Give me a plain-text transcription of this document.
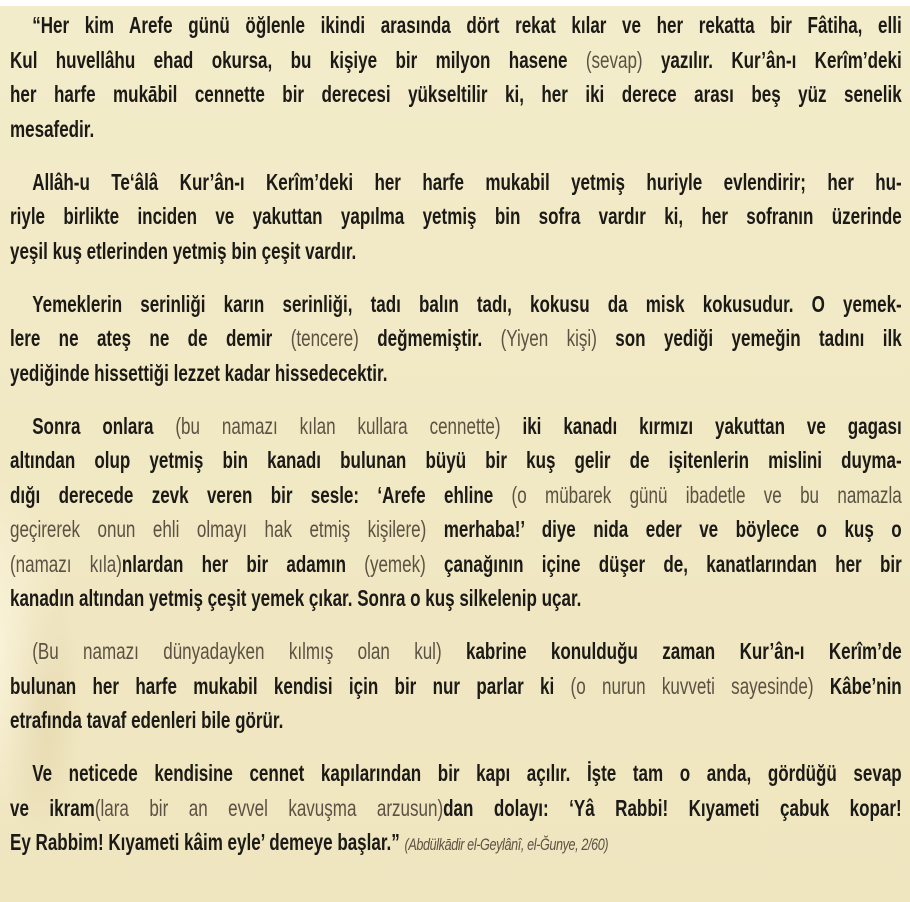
“Her kim Arefe günü öğlenle ikindi arasında dört rekat kılar ve her rekatta bir Fâtiha, elli
Kul huvellâhu ehad okursa, bu kişiye bir milyon hasene (sevap) yazılır. Kur’ân-ı Kerîm’deki
her harfe mukābil cennette bir derecesi yükseltilir ki, her iki derece arası beş yüz senelik
mesafedir.
Allâh-u Te‘âlâ Kur’ân-ı Kerîm’deki her harfe mukabil yetmiş huriyle evlendirir; her hu-
riyle birlikte inciden ve yakuttan yapılma yetmiş bin sofra vardır ki, her sofranın üzerinde
yeşil kuş etlerinden yetmiş bin çeşit vardır.
Yemeklerin serinliği karın serinliği, tadı balın tadı, kokusu da misk kokusudur. O yemek-
lere ne ateş ne de demir (tencere) değmemiştir. (Yiyen kişi) son yediği yemeğin tadını ilk
yediğinde hissettiği lezzet kadar hissedecektir.
Sonra onlara (bu namazı kılan kullara cennette) iki kanadı kırmızı yakuttan ve gagası
altından olup yetmiş bin kanadı bulunan büyü bir kuş gelir de işitenlerin mislini duyma-
dığı derecede zevk veren bir sesle: ‘Arefe ehline (o mübarek günü ibadetle ve bu namazla
geçirerek onun ehli olmayı hak etmiş kişilere) merhaba!’ diye nida eder ve böylece o kuş o
(namazı kıla)nlardan her bir adamın (yemek) çanağının içine düşer de, kanatlarından her bir
kanadın altından yetmiş çeşit yemek çıkar. Sonra o kuş silkelenip uçar.
(Bu namazı dünyadayken kılmış olan kul) kabrine konulduğu zaman Kur’ân-ı Kerîm’de
bulunan her harfe mukabil kendisi için bir nur parlar ki (o nurun kuvveti sayesinde) Kâbe’nin
etrafında tavaf edenleri bile görür.
Ve neticede kendisine cennet kapılarından bir kapı açılır. İşte tam o anda, gördüğü sevap
ve ikram(lara bir an evvel kavuşma arzusun)dan dolayı: ‘Yâ Rabbi! Kıyameti çabuk kopar!
Ey Rabbim! Kıyameti kâim eyle’ demeye başlar.” (Abdülkādir el-Geylânî, el-Ğunye, 2/60)
